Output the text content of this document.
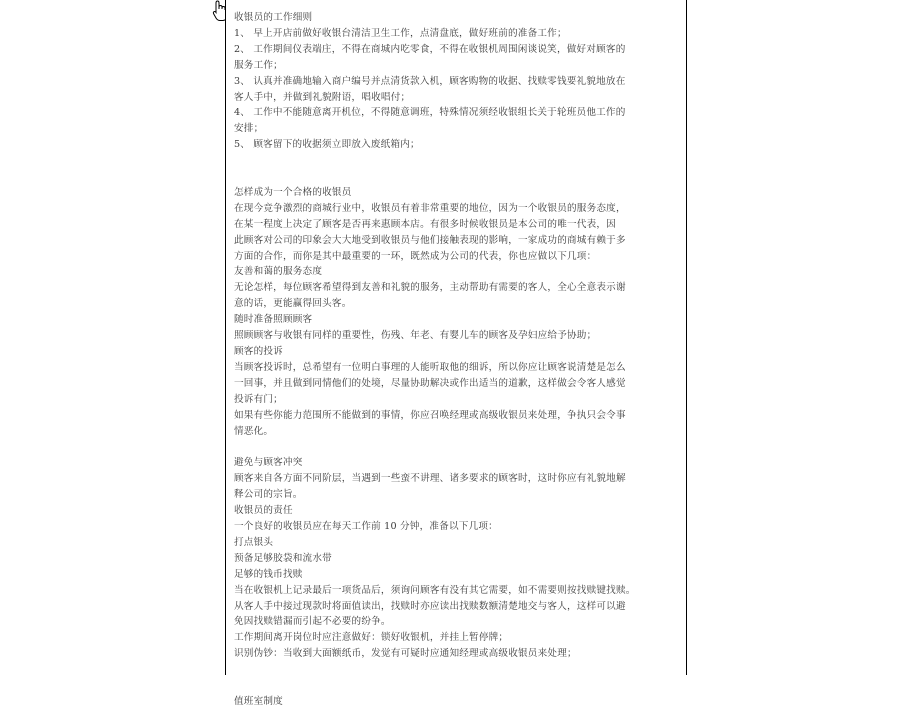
收银员的工作细则
1、 早上开店前做好收银台清洁卫生工作，点清盘底，做好班前的准备工作；
2、 工作期间仪表端庄，不得在商城内吃零食，不得在收银机周围闲谈说笑，做好对顾客的
服务工作；
3、 认真并准确地输入商户编号并点清货款入机，顾客购物的收据、找赎零钱要礼貌地放在
客人手中，并做到礼貌附语，唱收唱付；
4、 工作中不能随意离开机位，不得随意调班，特殊情况须经收银组长关于轮班员他工作的
安排；
5、 顾客留下的收据须立即放入废纸箱内；
怎样成为一个合格的收银员
在现今竞争激烈的商城行业中，收银员有着非常重要的地位，因为一个收银员的服务态度，
在某一程度上决定了顾客是否再来惠顾本店。有很多时候收银员是本公司的唯一代表，因
此顾客对公司的印象会大大地受到收银员与他们接触表现的影响，一家成功的商城有赖于多
方面的合作，而你是其中最重要的一环，既然成为公司的代表，你也应做以下几项：
友善和蔼的服务态度
无论怎样，每位顾客希望得到友善和礼貌的服务，主动帮助有需要的客人，全心全意表示谢
意的话，更能赢得回头客。
随时准备照顾顾客
照顾顾客与收银有同样的重要性，伤残、年老、有婴儿车的顾客及孕妇应给予协助；
顾客的投诉
当顾客投诉时，总希望有一位明白事理的人能听取他的细诉，所以你应让顾客说清楚是怎么
一回事，并且做到同情他们的处境，尽量协助解决或作出适当的道歉，这样做会令客人感觉
投诉有门；
如果有些你能力范围所不能做到的事情，你应召唤经理或高级收银员来处理，争执只会令事
情恶化。
避免与顾客冲突
顾客来自各方面不同阶层，当遇到一些蛮不讲理、诸多要求的顾客时，这时你应有礼貌地解
释公司的宗旨。
收银员的责任
一个良好的收银员应在每天工作前 10 分钟，准备以下几项：
打点银头
预备足够胶袋和流水带
足够的钱币找赎
当在收银机上记录最后一项货品后，须询问顾客有没有其它需要，如不需要则按找赎键找赎。
从客人手中接过现款时将面值读出，找赎时亦应读出找赎数额清楚地交与客人，这样可以避
免因找赎错漏而引起不必要的纷争。
工作期间离开岗位时应注意做好：锁好收银机，并挂上暂停牌；
识别伪钞：当收到大面额纸币，发觉有可疑时应通知经理或高级收银员来处理；
值班室制度
